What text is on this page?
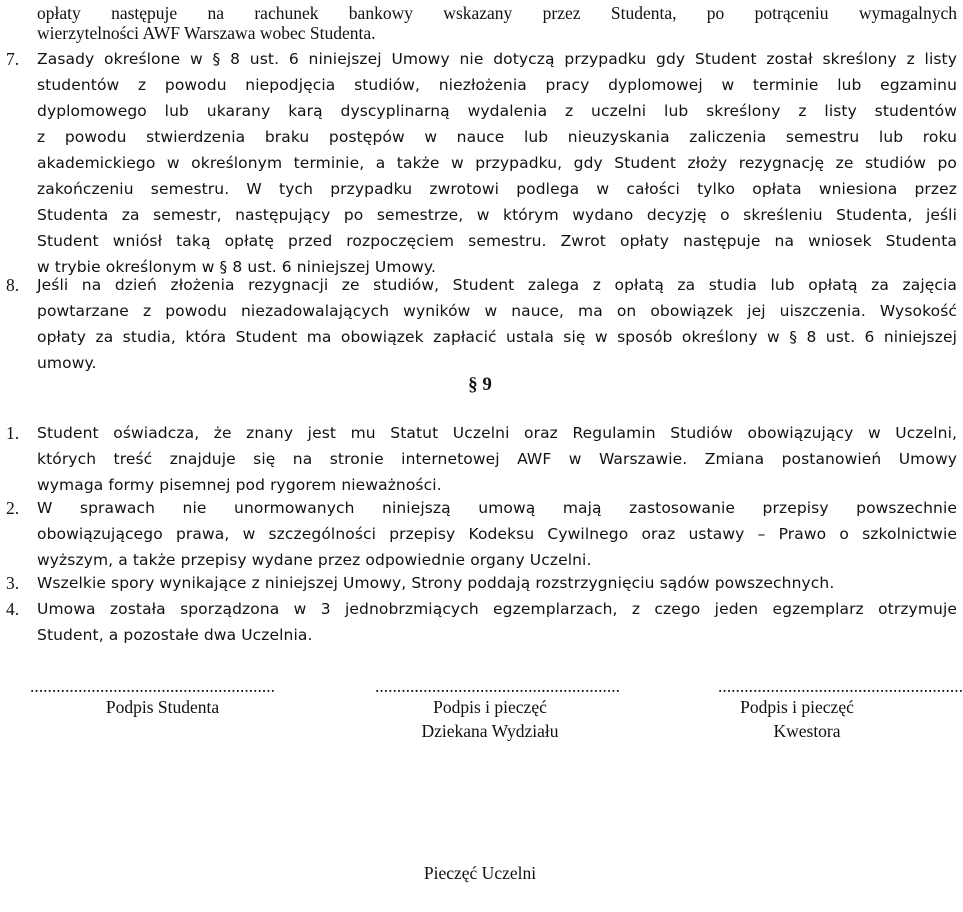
opłaty następuje na rachunek bankowy wskazany przez Studenta, po potrąceniu wymagalnych
wierzytelności AWF Warszawa wobec Studenta.
7. Zasady określone w § 8 ust. 6 niniejszej Umowy nie dotyczą przypadku gdy Student został skreślony z listy
studentów z powodu niepodjęcia studiów, niezłożenia pracy dyplomowej w terminie lub egzaminu
dyplomowego lub ukarany karą dyscyplinarną wydalenia z uczelni lub skreślony z listy studentów
z powodu stwierdzenia braku postępów w nauce lub nieuzyskania zaliczenia semestru lub roku
akademickiego w określonym terminie, a także w przypadku, gdy Student złoży rezygnację ze studiów po
zakończeniu semestru. W tych przypadku zwrotowi podlega w całości tylko opłata wniesiona przez
Studenta za semestr, następujący po semestrze, w którym wydano decyzję o skreśleniu Studenta, jeśli
Student wniósł taką opłatę przed rozpoczęciem semestru. Zwrot opłaty następuje na wniosek Studenta
w trybie określonym w § 8 ust. 6 niniejszej Umowy.
8. Jeśli na dzień złożenia rezygnacji ze studiów, Student zalega z opłatą za studia lub opłatą za zajęcia
powtarzane z powodu niezadowalających wyników w nauce, ma on obowiązek jej uiszczenia. Wysokość
opłaty za studia, która Student ma obowiązek zapłacić ustala się w sposób określony w § 8 ust. 6 niniejszej
umowy.
§ 9
1. Student oświadcza, że znany jest mu Statut Uczelni oraz Regulamin Studiów obowiązujący w Uczelni,
których treść znajduje się na stronie internetowej AWF w Warszawie. Zmiana postanowień Umowy
wymaga formy pisemnej pod rygorem nieważności.
2. W sprawach nie unormowanych niniejszą umową mają zastosowanie przepisy powszechnie
obowiązującego prawa, w szczególności przepisy Kodeksu Cywilnego oraz ustawy – Prawo o szkolnictwie
wyższym, a także przepisy wydane przez odpowiednie organy Uczelni.
3. Wszelkie spory wynikające z niniejszej Umowy, Strony poddają rozstrzygnięciu sądów powszechnych.
4. Umowa została sporządzona w 3 jednobrzmiących egzemplarzach, z czego jeden egzemplarz otrzymuje
Student, a pozostałe dwa Uczelnia.
........................................................	........................................................	........................................................
Podpis Studenta	Podpis i pieczęć
Dziekana Wydziału
Podpis i pieczęć
Kwestora
Pieczęć Uczelni
